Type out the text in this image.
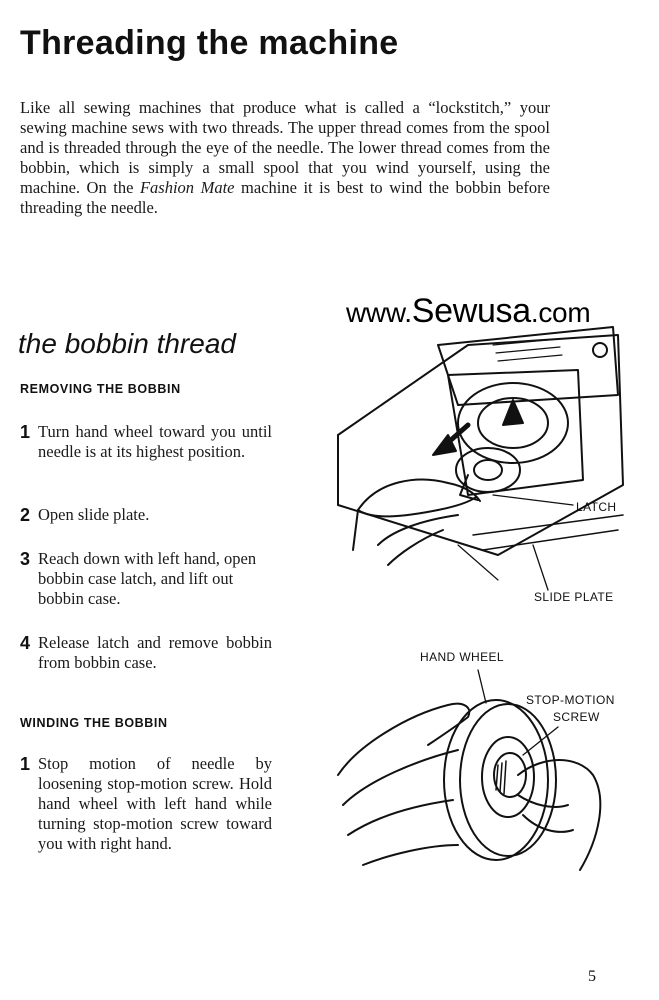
Threading the machine

Like all sewing machines that produce what is called a “lockstitch,” your sewing machine sews with two threads. The upper thread comes from the spool and is threaded through the eye of the needle. The lower thread comes from the bobbin, which is simply a small spool that you wind yourself, using the machine. On the Fashion Mate machine it is best to wind the bobbin before threading the needle.

the bobbin thread

REMOVING THE BOBBIN

1 Turn hand wheel toward you until needle is at its highest position.
2 Open slide plate.
3 Reach down with left hand, open bobbin case latch, and lift out bobbin case.
4 Release latch and remove bobbin from bobbin case.

WINDING THE BOBBIN

1 Stop motion of needle by loosening stop-motion screw. Hold hand wheel with left hand while turning stop-motion screw toward you with right hand.

LATCH

SLIDE PLATE

HAND WHEEL

STOP-MOTION

SCREW

www.Sewusa.com

5
